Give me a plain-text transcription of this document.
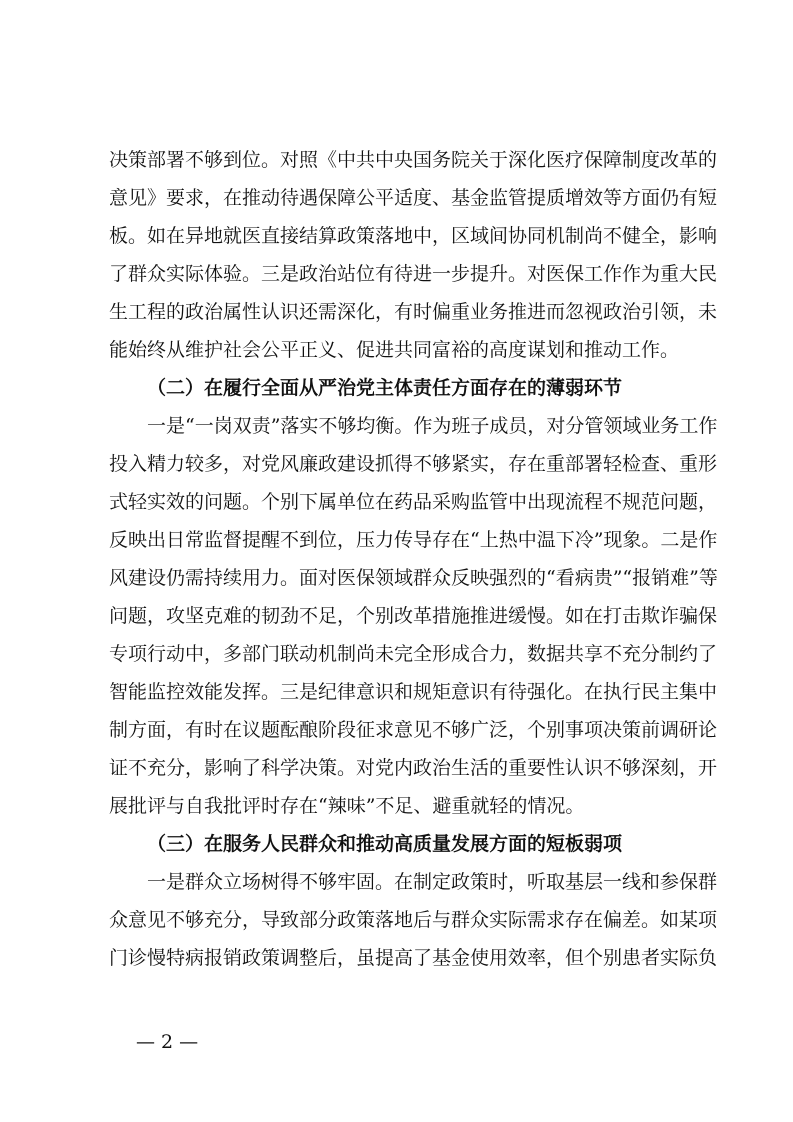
决策部署不够到位。对照《中共中央国务院关于深化医疗保障制度改革的
意见》要求，在推动待遇保障公平适度、基金监管提质增效等方面仍有短
板。如在异地就医直接结算政策落地中，区域间协同机制尚不健全，影响
了群众实际体验。三是政治站位有待进一步提升。对医保工作作为重大民
生工程的政治属性认识还需深化，有时偏重业务推进而忽视政治引领，未
能始终从维护社会公平正义、促进共同富裕的高度谋划和推动工作。
（二）在履行全面从严治党主体责任方面存在的薄弱环节
一是“一岗双责”落实不够均衡。作为班子成员，对分管领域业务工作
投入精力较多，对党风廉政建设抓得不够紧实，存在重部署轻检查、重形
式轻实效的问题。个别下属单位在药品采购监管中出现流程不规范问题，
反映出日常监督提醒不到位，压力传导存在“上热中温下冷”现象。二是作
风建设仍需持续用力。面对医保领域群众反映强烈的“看病贵”“报销难”等
问题，攻坚克难的韧劲不足，个别改革措施推进缓慢。如在打击欺诈骗保
专项行动中，多部门联动机制尚未完全形成合力，数据共享不充分制约了
智能监控效能发挥。三是纪律意识和规矩意识有待强化。在执行民主集中
制方面，有时在议题酝酿阶段征求意见不够广泛，个别事项决策前调研论
证不充分，影响了科学决策。对党内政治生活的重要性认识不够深刻，开
展批评与自我批评时存在“辣味”不足、避重就轻的情况。
（三）在服务人民群众和推动高质量发展方面的短板弱项
一是群众立场树得不够牢固。在制定政策时，听取基层一线和参保群
众意见不够充分，导致部分政策落地后与群众实际需求存在偏差。如某项
门诊慢特病报销政策调整后，虽提高了基金使用效率，但个别患者实际负
— 2 —
